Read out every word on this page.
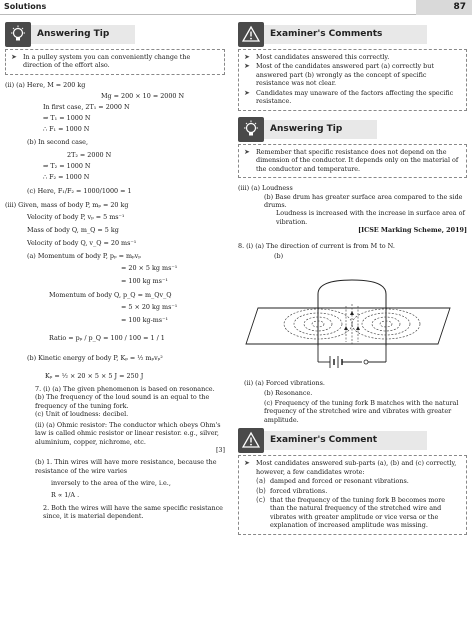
Solutions	87
Answering Tip
➤ In a pulley system you can conveniently change the direction of the effort also.
(ii) (a) Here, M = 200 kg
Mg = 200 × 10 = 2000 N
In first case, 2T₁ = 2000 N
⇒ T₁ = 1000 N
∴ F₁ = 1000 N
(b) In second case,
2T₂ = 2000 N
⇒ T₂ = 1000 N
∴ F₂ = 1000 N
(c) Here, F₁/F₂ = 1000/1000 = 1
(iii) Given, mass of body P, mₚ = 20 kg
Velocity of body P, vₚ = 5 ms⁻¹
Mass of body Q, m_Q = 5 kg
Velocity of body Q, v_Q = 20 ms⁻¹
(a) Momentum of body P, pₚ = mₚvₚ
= 20 × 5 kg ms⁻¹
= 100 kg ms⁻¹
Momentum of body Q, p_Q = m_Qv_Q
= 5 × 20 kg ms⁻¹
= 100 kg-ms⁻¹
Ratio = pₚ / p_Q = 100 / 100 = 1 / 1
(b) Kinetic energy of body P, Kₚ = ½ mₚvₚ²
Kₚ = ½ × 20 × 5 × 5 J = 250 J
7. (i) (a) The given phenomenon is based on resonance.
(b) The frequency of the loud sound is an equal to the frequency of the tuning fork.
(c) Unit of loudness: decibel.
(ii) (a) Ohmic resistor: The conductor which obeys Ohm's law is called ohmic resistor or linear resistor. e.g., silver, aluminium, copper, nichrome, etc.
[3]
(b) 1. Thin wires will have more resistance, because the resistance of the wire varies
inversely to the area of the wire, i.e.,
R ∝ 1/A .
2. Both the wires will have the same specific resistance since, it is material dependent.
Examiner's Comments
➤ Most candidates answered this correctly.
➤ Most of the candidates answered part (a) correctly but answered part (b) wrongly as the concept of specific resistance was not clear.
➤ Candidates may unaware of the factors affecting the specific resistance.
Answering Tip
➤ Remember that specific resistance does not depend on the dimension of the conductor. It depends only on the material of the conductor and temperature.
(iii) (a) Loudness
(b) Base drum has greater surface area compared to the side drums.
Loudness is increased with the increase in surface area of vibration.
[ICSE Marking Scheme, 2019]
8. (i) (a) The direction of current is from M to N.
(b)
(ii) (a) Forced vibrations.
(b) Resonance.
(c) Frequency of the tuning fork B matches with the natural frequency of the stretched wire and vibrates with greater amplitude.
Examiner's Comment
➤ Most candidates answered sub-parts (a), (b) and (c) correctly, however, a few candidates wrote:
(a) damped and forced or resonant vibrations.
(b) forced vibrations.
(c) that the frequency of the tuning fork B becomes more than the natural frequency of the stretched wire and vibrates with greater amplitude or vice versa or the explanation of increased amplitude was missing.
